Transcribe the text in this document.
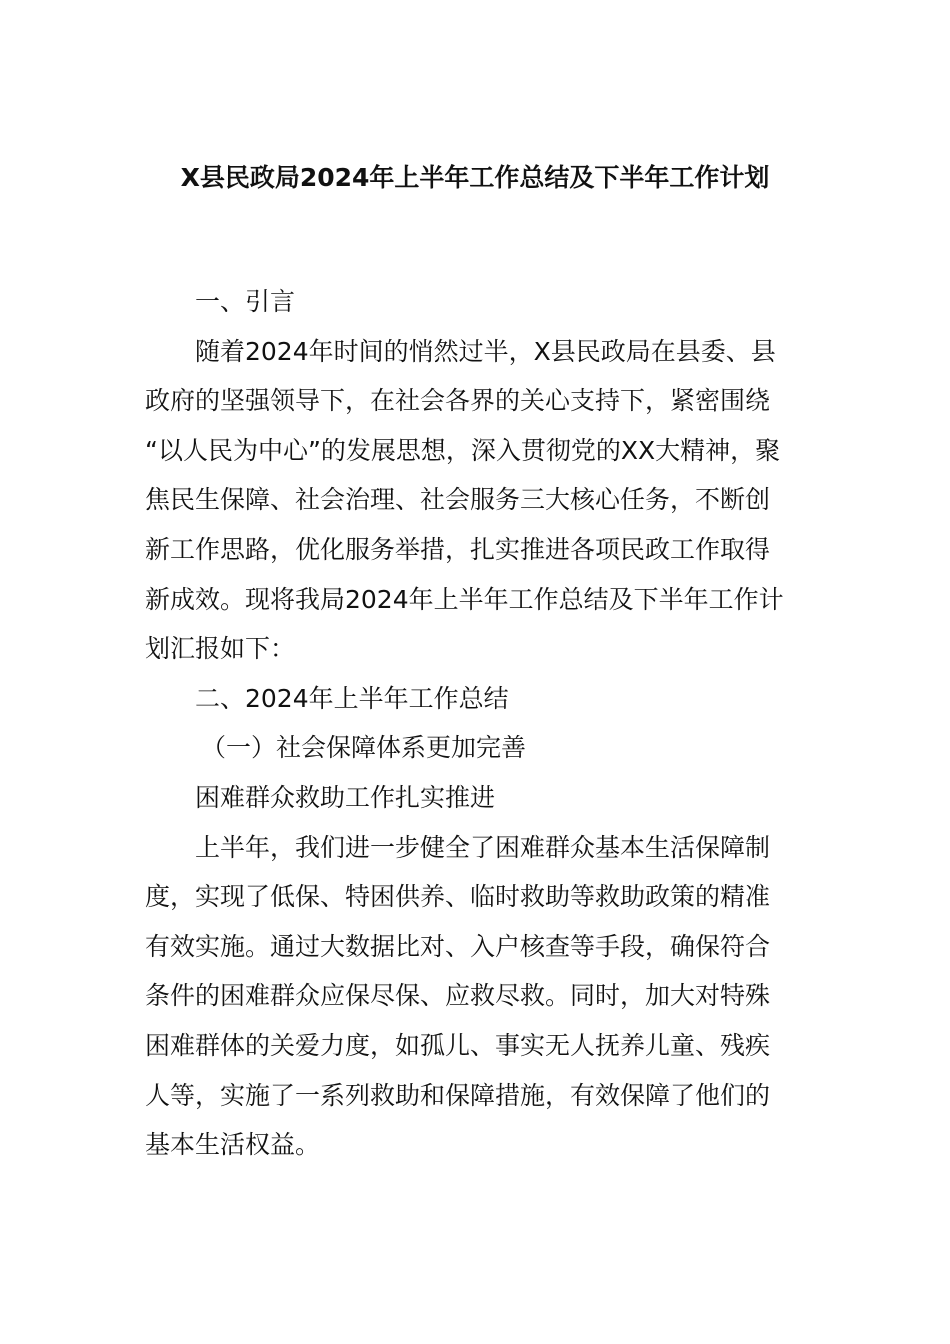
X县民政局2024年上半年工作总结及下半年工作计划
一、引言
随着2024年时间的悄然过半，X县民政局在县委、县
政府的坚强领导下，在社会各界的关心支持下，紧密围绕
“以人民为中心”的发展思想，深入贯彻党的XX大精神，聚
焦民生保障、社会治理、社会服务三大核心任务，不断创
新工作思路，优化服务举措，扎实推进各项民政工作取得
新成效。现将我局2024年上半年工作总结及下半年工作计
划汇报如下：
二、2024年上半年工作总结
（一）社会保障体系更加完善
困难群众救助工作扎实推进
上半年，我们进一步健全了困难群众基本生活保障制
度，实现了低保、特困供养、临时救助等救助政策的精准
有效实施。通过大数据比对、入户核查等手段，确保符合
条件的困难群众应保尽保、应救尽救。同时，加大对特殊
困难群体的关爱力度，如孤儿、事实无人抚养儿童、残疾
人等，实施了一系列救助和保障措施，有效保障了他们的
基本生活权益。
